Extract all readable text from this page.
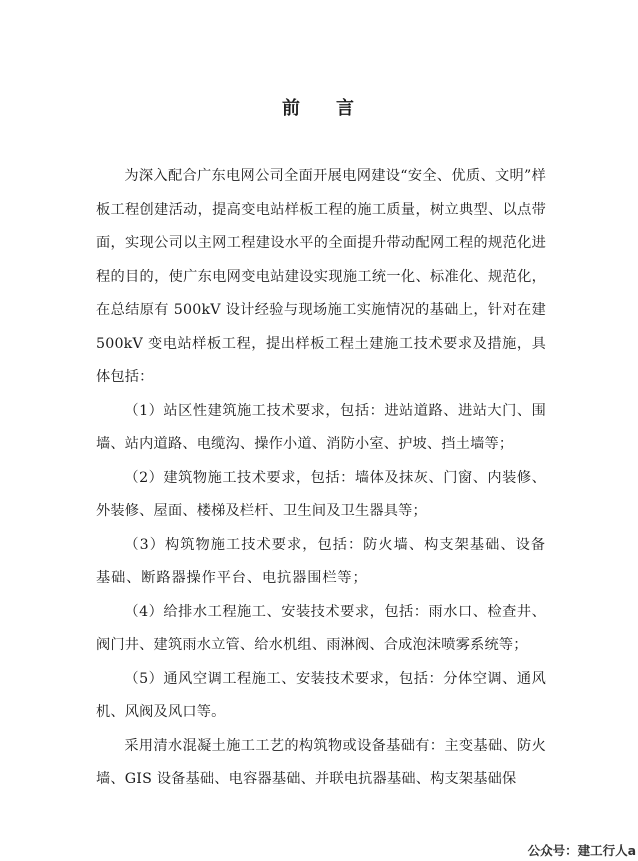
前 言

为深入配合广东电网公司全面开展电网建设“安全、优质、文明”样板工程创建活动，提高变电站样板工程的施工质量，树立典型、以点带面，实现公司以主网工程建设水平的全面提升带动配网工程的规范化进程的目的，使广东电网变电站建设实现施工统一化、标准化、规范化，在总结原有 500kV 设计经验与现场施工实施情况的基础上，针对在建 500kV 变电站样板工程，提出样板工程土建施工技术要求及措施，具体包括：

（1）站区性建筑施工技术要求，包括：进站道路、进站大门、围墙、站内道路、电缆沟、操作小道、消防小室、护坡、挡土墙等；

（2）建筑物施工技术要求，包括：墙体及抹灰、门窗、内装修、外装修、屋面、楼梯及栏杆、卫生间及卫生器具等；

（3）构筑物施工技术要求，包括：防火墙、构支架基础、设备基础、断路器操作平台、电抗器围栏等；

（4）给排水工程施工、安装技术要求，包括：雨水口、检查井、阀门井、建筑雨水立管、给水机组、雨淋阀、合成泡沫喷雾系统等；

（5）通风空调工程施工、安装技术要求，包括：分体空调、通风机、风阀及风口等。

采用清水混凝土施工工艺的构筑物或设备基础有：主变基础、防火墙、GIS 设备基础、电容器基础、并联电抗器基础、构支架基础保

公众号：建工行人a
